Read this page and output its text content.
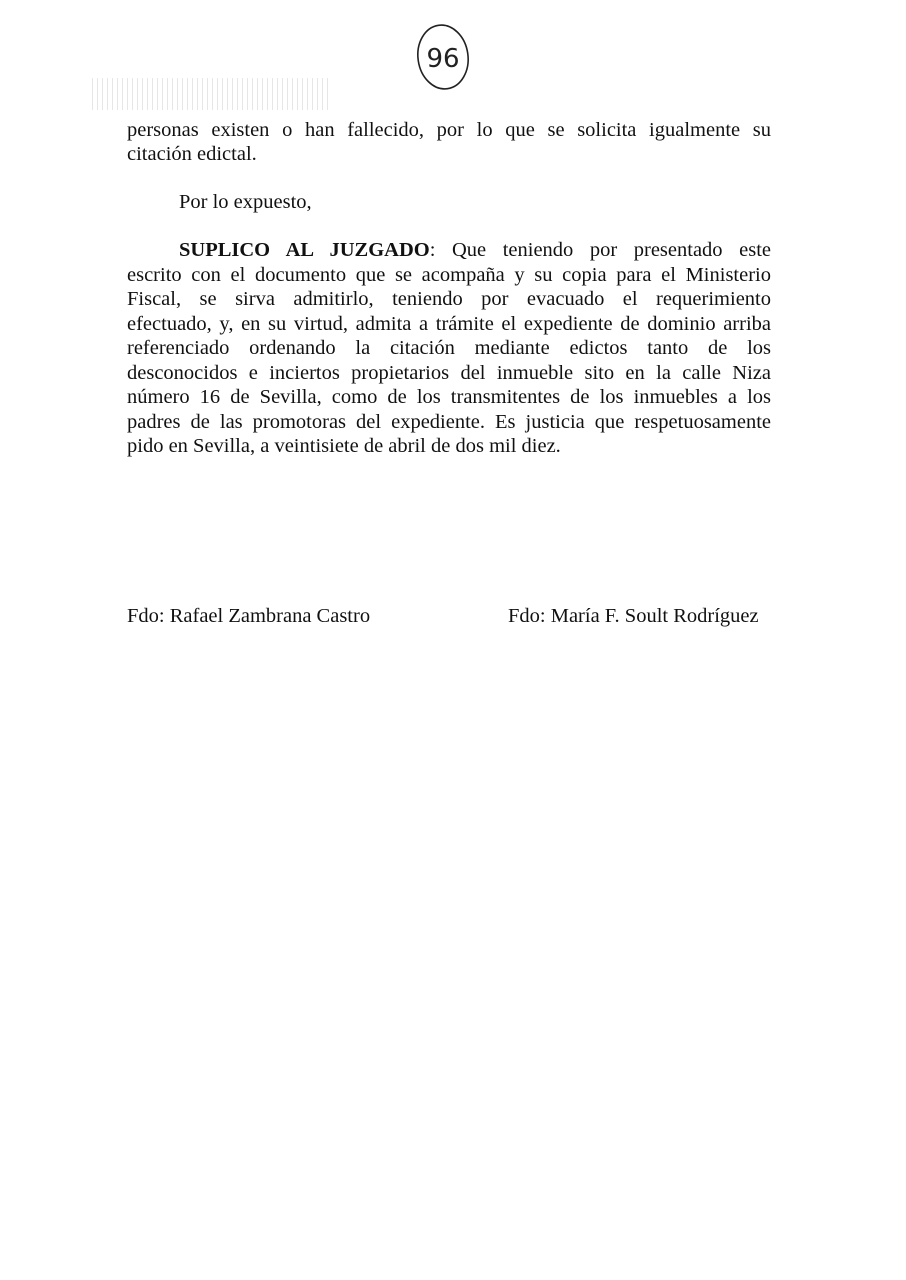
96
personas existen o han fallecido, por lo que se solicita igualmente su
citación edictal.
Por lo expuesto,
SUPLICO AL JUZGADO: Que teniendo por presentado este
escrito con el documento que se acompaña y su copia para el Ministerio
Fiscal, se sirva admitirlo, teniendo por evacuado el requerimiento
efectuado, y, en su virtud, admita a trámite el expediente de dominio arriba
referenciado ordenando la citación mediante edictos tanto de los
desconocidos e inciertos propietarios del inmueble sito en la calle Niza
número 16 de Sevilla, como de los transmitentes de los inmuebles a los
padres de las promotoras del expediente. Es justicia que respetuosamente
pido en Sevilla, a veintisiete de abril de dos mil diez.
Fdo: Rafael Zambrana Castro	Fdo: María F. Soult Rodríguez
